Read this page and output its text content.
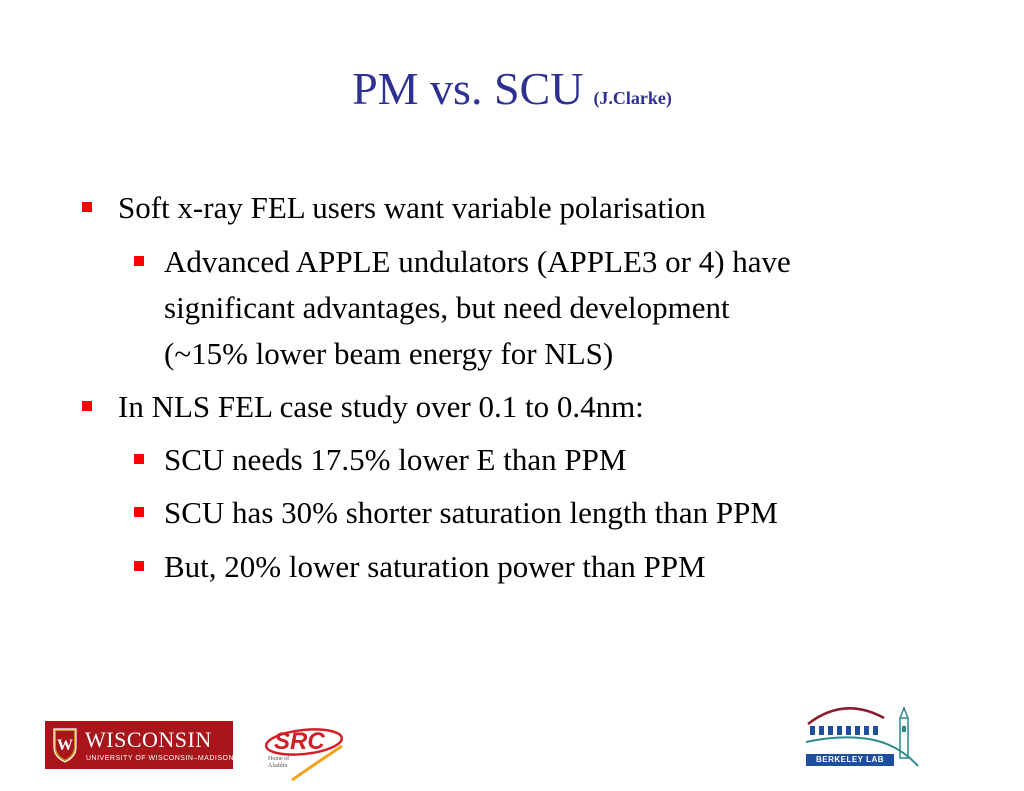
PM vs. SCU (J.Clarke)
Soft x-ray FEL users want variable polarisation
Advanced APPLE undulators (APPLE3 or 4) have
significant advantages, but need development
(~15% lower beam energy for NLS)
In NLS FEL case study over 0.1 to 0.4nm:
SCU needs 17.5% lower E than PPM
SCU has 30% shorter saturation length than PPM
But, 20% lower saturation power than PPM
W WISCONSIN
UNIVERSITY OF WISCONSIN–MADISON
SRC
Home of
Aladdin
BERKELEY LAB
